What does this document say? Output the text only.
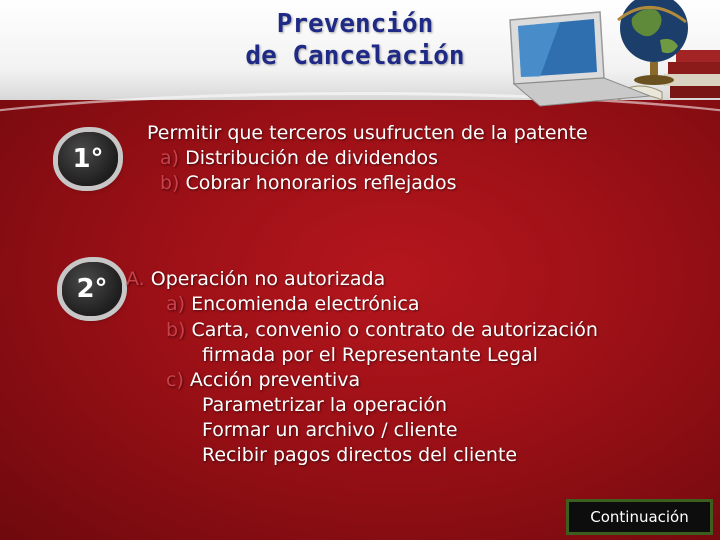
Prevención
de Cancelación
1°
Permitir que terceros usufructen de la patente
a) Distribución de dividendos
b) Cobrar honorarios reflejados
2° A. Operación no autorizada
a) Encomienda electrónica
b) Carta, convenio o contrato de autorización
firmada por el Representante Legal
c) Acción preventiva
Parametrizar la operación
Formar un archivo / cliente
Recibir pagos directos del cliente
Continuación
